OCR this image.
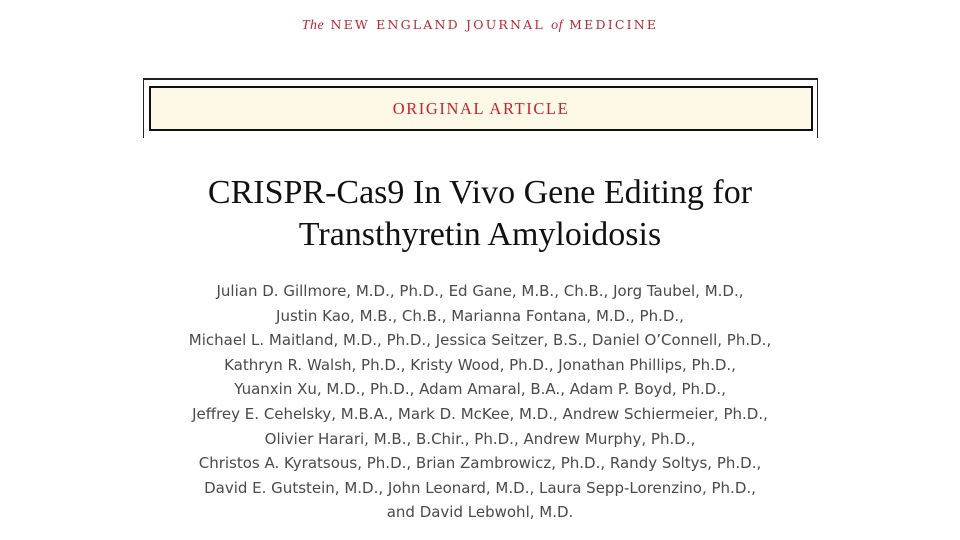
The NEW ENGLAND JOURNAL of MEDICINE
ORIGINAL ARTICLE
CRISPR-Cas9 In Vivo Gene Editing for
Transthyretin Amyloidosis
Julian D. Gillmore, M.D., Ph.D., Ed Gane, M.B., Ch.B., Jorg Taubel, M.D.,
Justin Kao, M.B., Ch.B., Marianna Fontana, M.D., Ph.D.,
Michael L. Maitland, M.D., Ph.D., Jessica Seitzer, B.S., Daniel O’Connell, Ph.D.,
Kathryn R. Walsh, Ph.D., Kristy Wood, Ph.D., Jonathan Phillips, Ph.D.,
Yuanxin Xu, M.D., Ph.D., Adam Amaral, B.A., Adam P. Boyd, Ph.D.,
Jeffrey E. Cehelsky, M.B.A., Mark D. McKee, M.D., Andrew Schiermeier, Ph.D.,
Olivier Harari, M.B., B.Chir., Ph.D., Andrew Murphy, Ph.D.,
Christos A. Kyratsous, Ph.D., Brian Zambrowicz, Ph.D., Randy Soltys, Ph.D.,
David E. Gutstein, M.D., John Leonard, M.D., Laura Sepp-Lorenzino, Ph.D.,
and David Lebwohl, M.D.
